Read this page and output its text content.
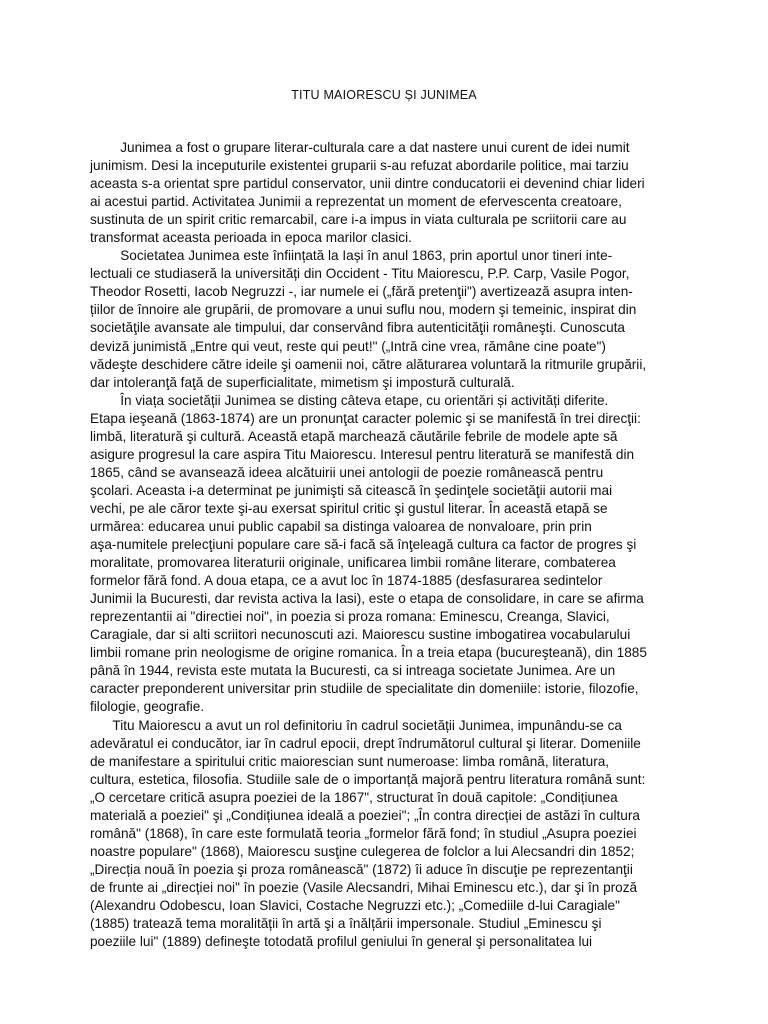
TITU MAIORESCU ȘI JUNIMEA
Junimea a fost o grupare literar-culturala care a dat nastere unui curent de idei numit
junimism. Desi la inceputurile existentei gruparii s-au refuzat abordarile politice, mai tarziu
aceasta s-a orientat spre partidul conservator, unii dintre conducatorii ei devenind chiar lideri
ai acestui partid. Activitatea Junimii a reprezentat un moment de efervescenta creatoare,
sustinuta de un spirit critic remarcabil, care i-a impus in viata culturala pe scriitorii care au
transformat aceasta perioada in epoca marilor clasici.
Societatea Junimea este înființată la Iași în anul 1863, prin aportul unor tineri inte-
lectuali ce studiaseră la universități din Occident - Titu Maiorescu, P.P. Carp, Vasile Pogor,
Theodor Rosetti, Iacob Negruzzi -, iar numele ei („fără pretenţii") avertizează asupra inten-
țiilor de înnoire ale grupării, de promovare a unui suflu nou, modern şi temeinic, inspirat din
societăţile avansate ale timpului, dar conservând fibra autenticităţii româneşti. Cunoscuta
deviză junimistă „Entre qui veut, reste qui peut!" („Intră cine vrea, rămâne cine poate")
vădeşte deschidere către ideile şi oamenii noi, către alăturarea voluntară la ritmurile grupării,
dar intoleranţă faţă de superficialitate, mimetism şi impostură culturală.
În viața societății Junimea se disting câteva etape, cu orientări și activități diferite.
Etapa ieşeană (1863-1874) are un pronunţat caracter polemic şi se manifestă în trei direcţii:
limbă, literatură şi cultură. Această etapă marchează căutările febrile de modele apte să
asigure progresul la care aspira Titu Maiorescu. Interesul pentru literatură se manifestă din
1865, când se avansează ideea alcătuirii unei antologii de poezie românească pentru
şcolari. Aceasta i-a determinat pe junimişti să citească în şedinţele societăţii autorii mai
vechi, pe ale căror texte şi-au exersat spiritul critic şi gustul literar. În această etapă se
urmărea: educarea unui public capabil sa distinga valoarea de nonvaloare, prin prin
aşa-numitele prelecţiuni populare care să-i facă să înţeleagă cultura ca factor de progres şi
moralitate, promovarea literaturii originale, unificarea limbii române literare, combaterea
formelor fără fond. A doua etapa, ce a avut loc în 1874-1885 (desfasurarea sedintelor
Junimii la Bucuresti, dar revista activa la Iasi), este o etapa de consolidare, in care se afirma
reprezentantii ai "directiei noi", in poezia si proza romana: Eminescu, Creanga, Slavici,
Caragiale, dar si alti scriitori necunoscuti azi. Maiorescu sustine imbogatirea vocabularului
limbii romane prin neologisme de origine romanica. În a treia etapa (bucureşteană), din 1885
până în 1944, revista este mutata la Bucuresti, ca si intreaga societate Junimea. Are un
caracter preponderent universitar prin studiile de specialitate din domeniile: istorie, filozofie,
filologie, geografie.
Titu Maiorescu a avut un rol definitoriu în cadrul societății Junimea, impunându-se ca
adevăratul ei conducător, iar în cadrul epocii, drept îndrumătorul cultural şi literar. Domeniile
de manifestare a spiritului critic maiorescian sunt numeroase: limba română, literatura,
cultura, estetica, filosofia. Studiile sale de o importanță majoră pentru literatura română sunt:
„O cercetare critică asupra poeziei de la 1867", structurat în două capitole: „Condițiunea
materială a poeziei" şi „Condițiunea ideală a poeziei"; „În contra direcției de astăzi în cultura
română" (1868), în care este formulată teoria „formelor fără fond; în studiul „Asupra poeziei
noastre populare" (1868), Maiorescu susţine culegerea de folclor a lui Alecsandri din 1852;
„Direcția nouă în poezia şi proza românească" (1872) îi aduce în discuţie pe reprezentanţii
de frunte ai „direcției noi" în poezie (Vasile Alecsandri, Mihai Eminescu etc.), dar şi în proză
(Alexandru Odobescu, Ioan Slavici, Costache Negruzzi etc.); „Comediile d-lui Caragiale"
(1885) tratează tema moralității în artă şi a înălțării impersonale. Studiul „Eminescu şi
poeziile lui" (1889) defineşte totodată profilul geniului în general şi personalitatea lui
